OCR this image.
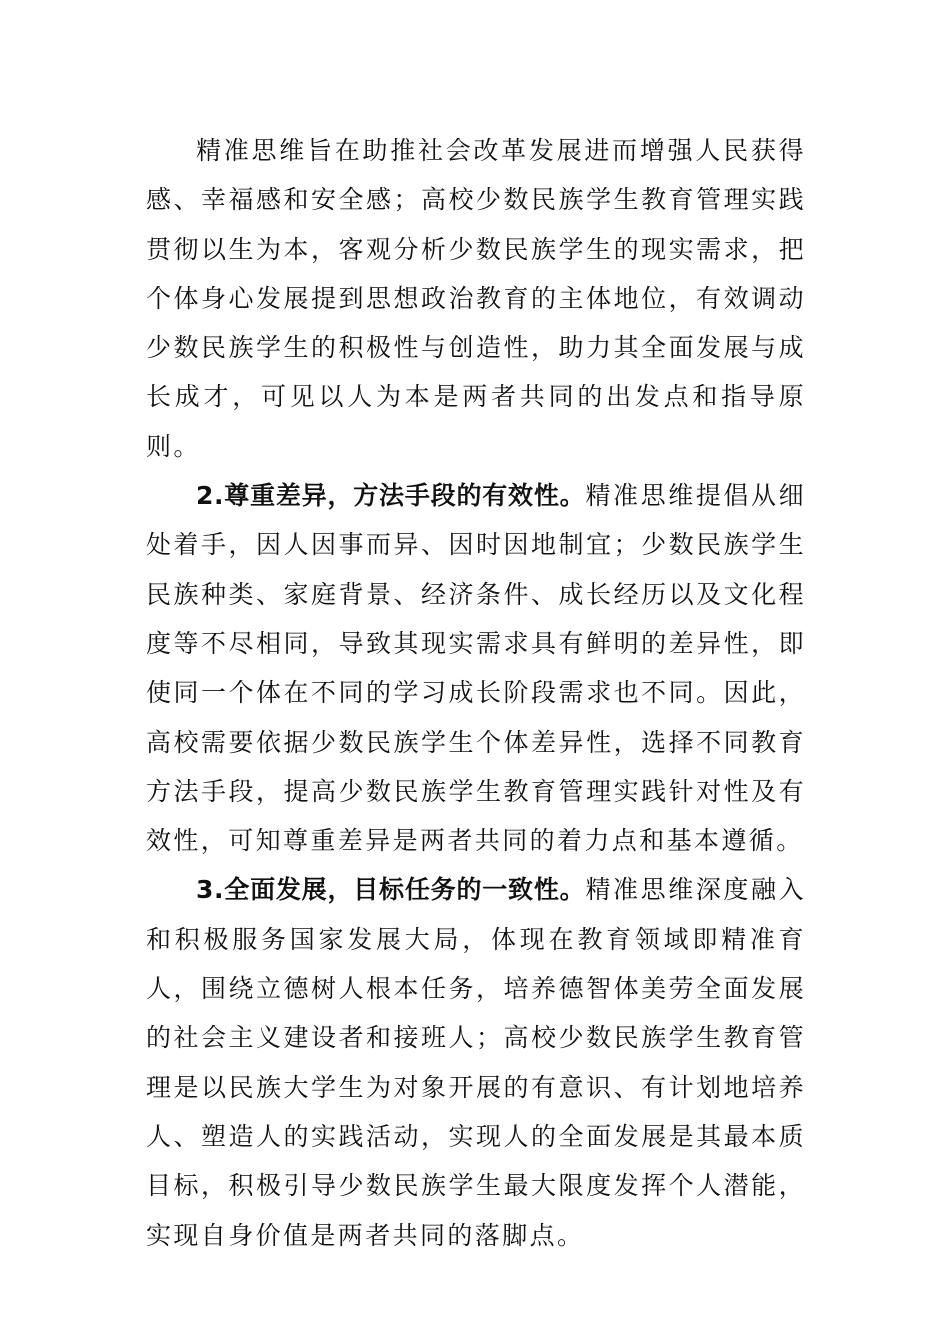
精准思维旨在助推社会改革发展进而增强人民获得感、幸福感和安全感；高校少数民族学生教育管理实践贯彻以生为本，客观分析少数民族学生的现实需求，把个体身心发展提到思想政治教育的主体地位，有效调动少数民族学生的积极性与创造性，助力其全面发展与成长成才，可见以人为本是两者共同的出发点和指导原则。

2.尊重差异，方法手段的有效性。精准思维提倡从细处着手，因人因事而异、因时因地制宜；少数民族学生民族种类、家庭背景、经济条件、成长经历以及文化程度等不尽相同，导致其现实需求具有鲜明的差异性，即使同一个体在不同的学习成长阶段需求也不同。因此，高校需要依据少数民族学生个体差异性，选择不同教育方法手段，提高少数民族学生教育管理实践针对性及有效性，可知尊重差异是两者共同的着力点和基本遵循。

3.全面发展，目标任务的一致性。精准思维深度融入和积极服务国家发展大局，体现在教育领域即精准育人，围绕立德树人根本任务，培养德智体美劳全面发展的社会主义建设者和接班人；高校少数民族学生教育管理是以民族大学生为对象开展的有意识、有计划地培养人、塑造人的实践活动，实现人的全面发展是其最本质目标，积极引导少数民族学生最大限度发挥个人潜能，实现自身价值是两者共同的落脚点。
